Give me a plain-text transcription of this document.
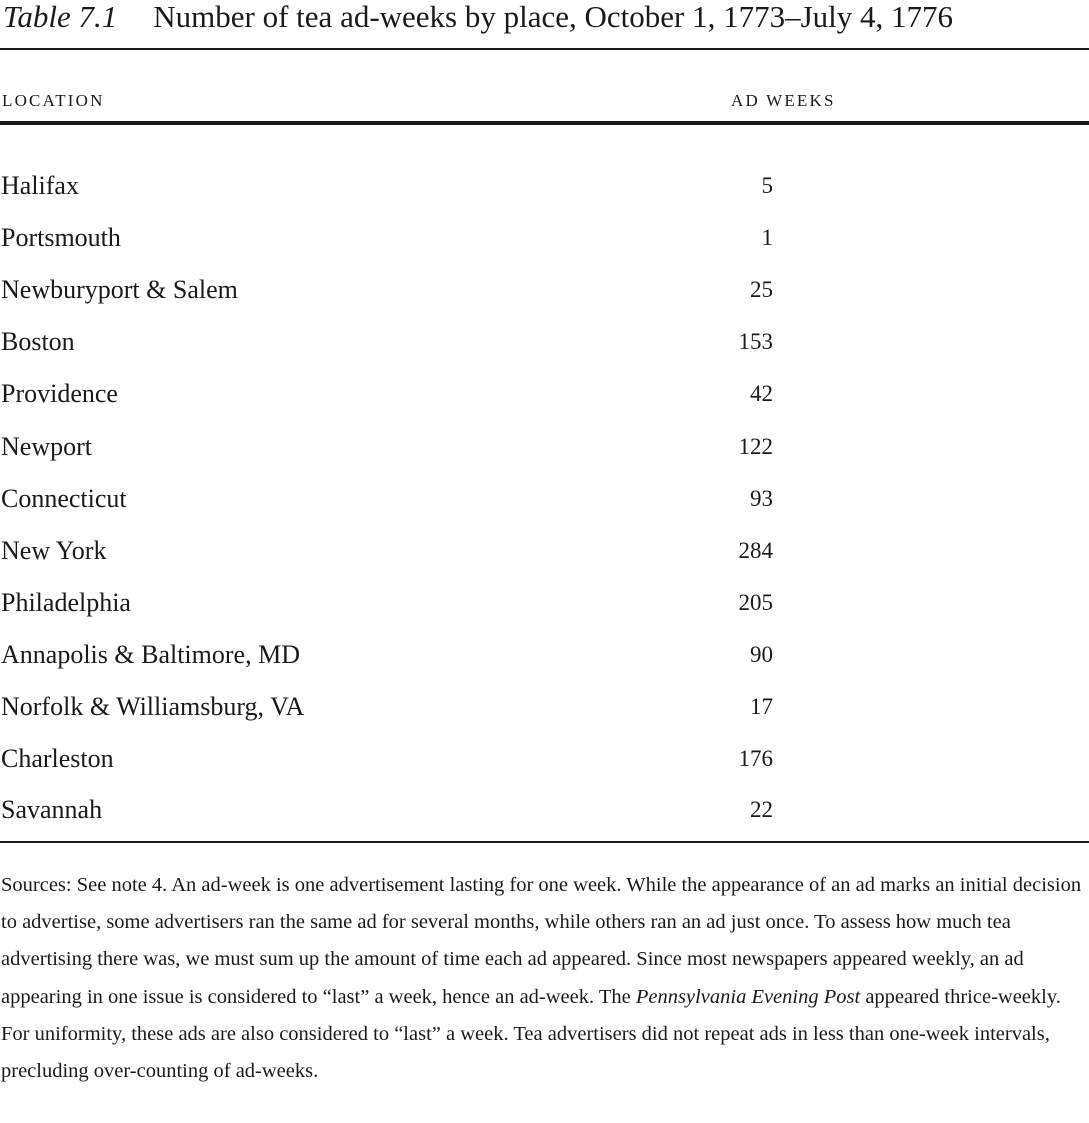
Table 7.1 Number of tea ad-weeks by place, October 1, 1773–July 4, 1776
LOCATION	AD WEEKS
Halifax	5
Portsmouth	1
Newburyport & Salem	25
Boston	153
Providence	42
Newport	122
Connecticut	93
New York	284
Philadelphia	205
Annapolis & Baltimore, MD	90
Norfolk & Williamsburg, VA	17
Charleston	176
Savannah	22
Sources: See note 4. An ad-week is one advertisement lasting for one week. While the appearance of an ad marks an initial decision to advertise, some advertisers ran the same ad for several months, while others ran an ad just once. To assess how much tea advertising there was, we must sum up the amount of time each ad appeared. Since most newspapers appeared weekly, an ad appearing in one issue is considered to “last” a week, hence an ad-week. The Pennsylvania Evening Post appeared thrice-weekly. For uniformity, these ads are also considered to “last” a week. Tea advertisers did not repeat ads in less than one-week intervals, precluding over-counting of ad-weeks.
